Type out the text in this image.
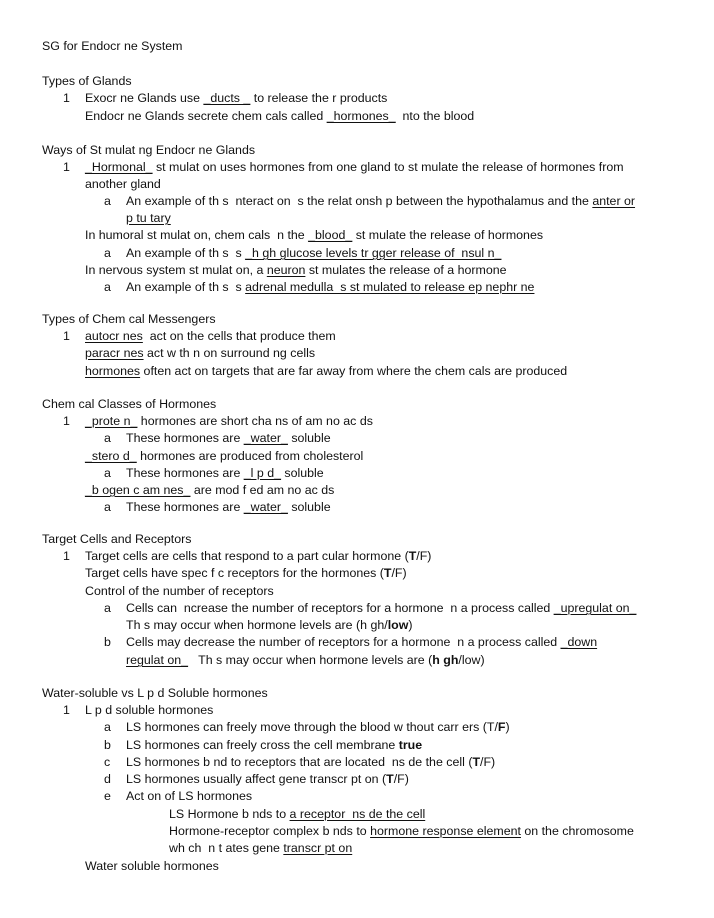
SG for Endocr ne System
Types of Glands
1 Exocr ne Glands use _ducts _ to release the r products
Endocr ne Glands secrete chem cals called _hormones_  nto the blood
Ways of St mulat ng Endocr ne Glands
1 _Hormonal_ st mulat on uses hormones from one gland to st mulate the release of hormones from
another gland
a An example of th s  nteract on  s the relat onsh p between the hypothalamus and the anter or
p tu tary
In humoral st mulat on, chem cals  n the _blood_ st mulate the release of hormones
a An example of th s  s _h gh glucose levels tr gger release of  nsul n_
In nervous system st mulat on, a neuron st mulates the release of a hormone
a An example of th s  s adrenal medulla  s st mulated to release ep nephr ne
Types of Chem cal Messengers
1 autocr nes  act on the cells that produce them
paracr nes act w th n on surround ng cells
hormones often act on targets that are far away from where the chem cals are produced
Chem cal Classes of Hormones
1 _prote n_ hormones are short cha ns of am no ac ds
a These hormones are _water_ soluble
_stero d_ hormones are produced from cholesterol
a These hormones are _l p d_ soluble
_b ogen c am nes_ are mod f ed am no ac ds
a These hormones are _water_ soluble
Target Cells and Receptors
1 Target cells are cells that respond to a part cular hormone (T/F)
Target cells have spec f c receptors for the hormones (T/F)
Control of the number of receptors
a Cells can  ncrease the number of receptors for a hormone  n a process called _upregulat on_
Th s may occur when hormone levels are (h gh/low)
b Cells may decrease the number of receptors for a hormone  n a process called _down
regulat on_   Th s may occur when hormone levels are (h gh/low)
Water-soluble vs L p d Soluble hormones
1 L p d soluble hormones
a LS hormones can freely move through the blood w thout carr ers (T/F)
b LS hormones can freely cross the cell membrane true
c LS hormones b nd to receptors that are located  ns de the cell (T/F)
d LS hormones usually affect gene transcr pt on (T/F)
e Act on of LS hormones
LS Hormone b nds to a receptor  ns de the cell
Hormone-receptor complex b nds to hormone response element on the chromosome
wh ch  n t ates gene transcr pt on
Water soluble hormones
